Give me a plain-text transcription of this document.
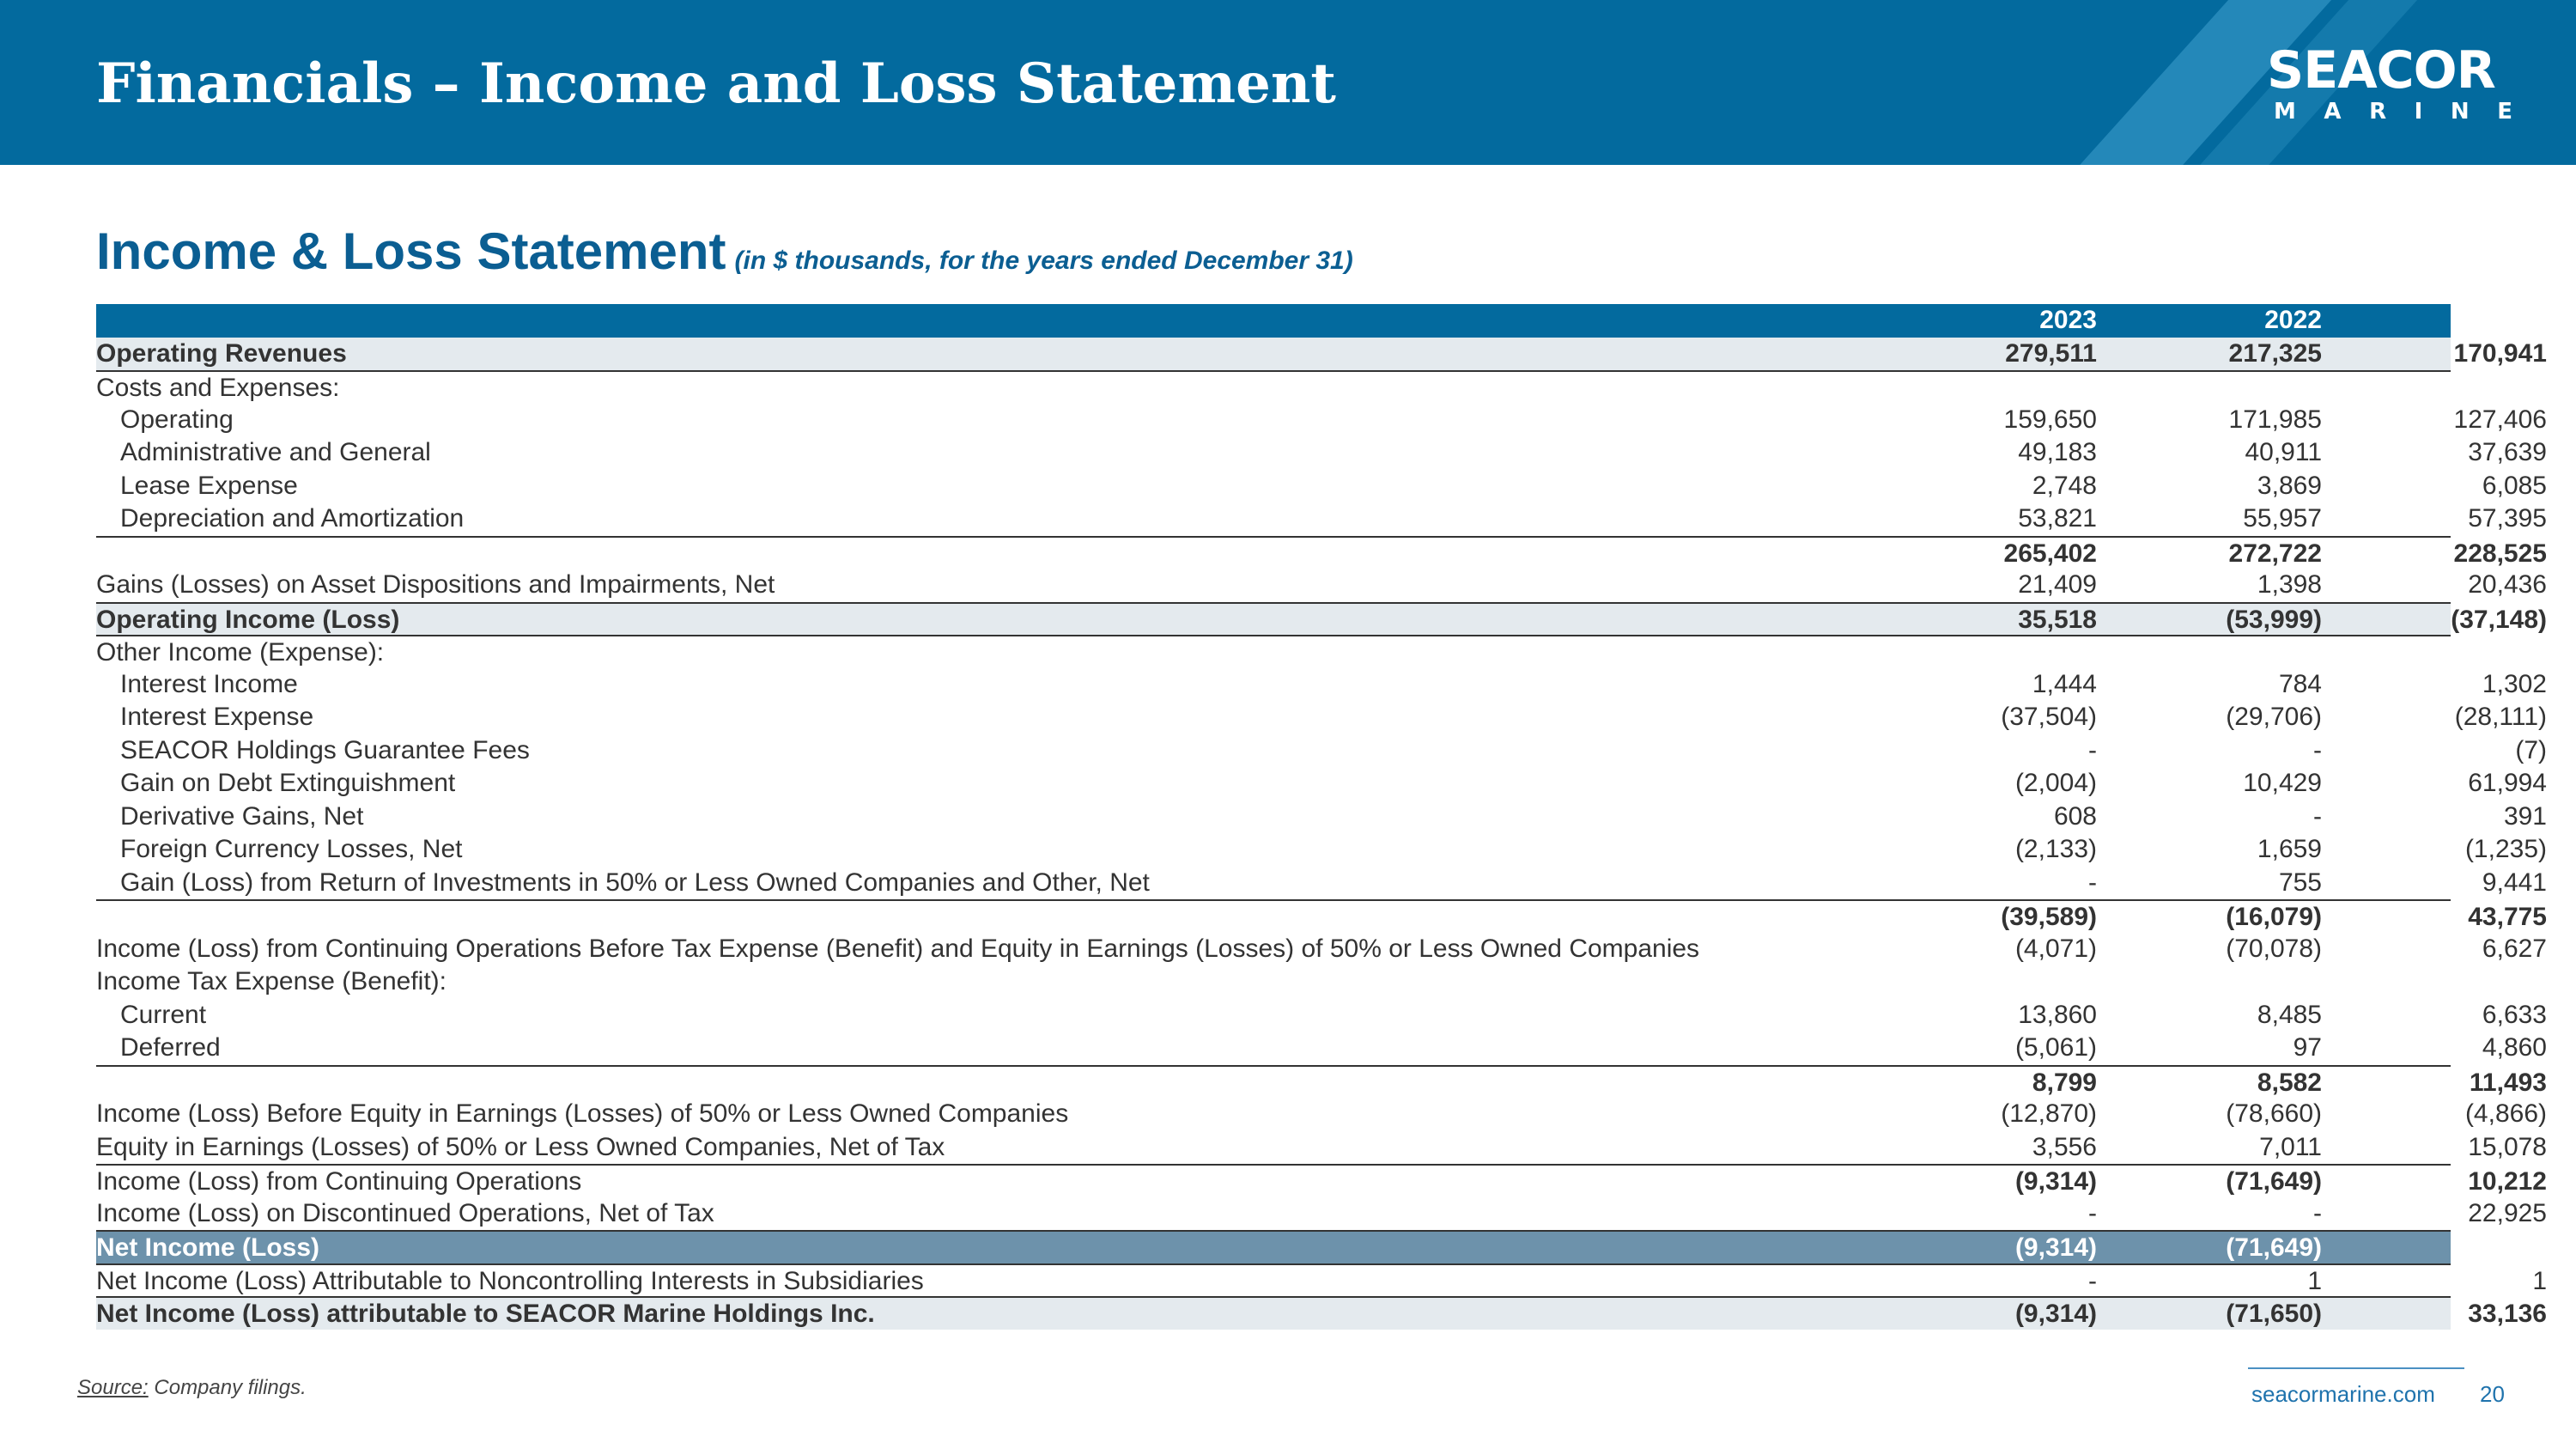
Financials – Income and Loss Statement	SEACOR
M A R I N E
Income & Loss Statement (in $ thousands, for the years ended December 31)
2023	2022	2021
Operating Revenues	279,511	217,325	170,941
Costs and Expenses:
Operating	159,650	171,985	127,406
Administrative and General	49,183	40,911	37,639
Lease Expense	2,748	3,869	6,085
Depreciation and Amortization	53,821	55,957	57,395
265,402	272,722	228,525
Gains (Losses) on Asset Dispositions and Impairments, Net	21,409	1,398	20,436
Operating Income (Loss)	35,518	(53,999)	(37,148)
Other Income (Expense):
Interest Income	1,444	784	1,302
Interest Expense	(37,504)	(29,706)	(28,111)
SEACOR Holdings Guarantee Fees	-	-	(7)
Gain on Debt Extinguishment	(2,004)	10,429	61,994
Derivative Gains, Net	608	-	391
Foreign Currency Losses, Net	(2,133)	1,659	(1,235)
Gain (Loss) from Return of Investments in 50% or Less Owned Companies and Other, Net	-	755	9,441
(39,589)	(16,079)	43,775
Income (Loss) from Continuing Operations Before Tax Expense (Benefit) and Equity in Earnings (Losses) of 50% or Less Owned Companies	(4,071)	(70,078)	6,627
Income Tax Expense (Benefit):
Current	13,860	8,485	6,633
Deferred	(5,061)	97	4,860
8,799	8,582	11,493
Income (Loss) Before Equity in Earnings (Losses) of 50% or Less Owned Companies	(12,870)	(78,660)	(4,866)
Equity in Earnings (Losses) of 50% or Less Owned Companies, Net of Tax	3,556	7,011	15,078
Income (Loss) from Continuing Operations	(9,314)	(71,649)	10,212
Income (Loss) on Discontinued Operations, Net of Tax	-	-	22,925
Net Income (Loss)	(9,314)	(71,649)	33,137
Net Income (Loss) Attributable to Noncontrolling Interests in Subsidiaries	-	1	1
Net Income (Loss) attributable to SEACOR Marine Holdings Inc.	(9,314)	(71,650)	33,136
Source: Company filings.	seacormarine.com 20
